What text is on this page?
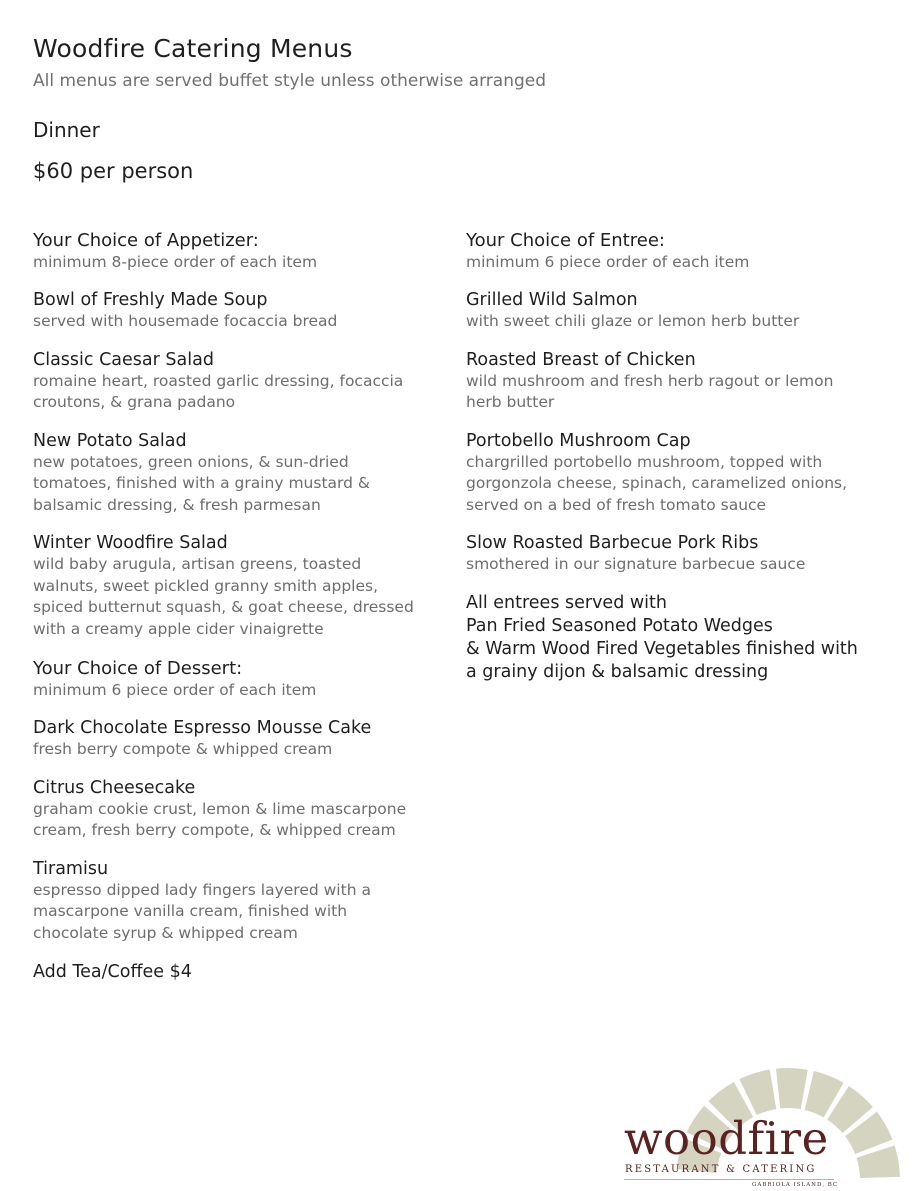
Woodfire Catering Menus
All menus are served buffet style unless otherwise arranged
Dinner
$60 per person
Your Choice of Appetizer:
minimum 8-piece order of each item
Bowl of Freshly Made Soup
served with housemade focaccia bread
Classic Caesar Salad
romaine heart, roasted garlic dressing, focaccia
croutons, & grana padano
New Potato Salad
new potatoes, green onions, & sun-dried
tomatoes, finished with a grainy mustard &
balsamic dressing, & fresh parmesan
Winter Woodfire Salad
wild baby arugula, artisan greens, toasted
walnuts, sweet pickled granny smith apples,
spiced butternut squash, & goat cheese, dressed
with a creamy apple cider vinaigrette
Your Choice of Dessert:
minimum 6 piece order of each item
Dark Chocolate Espresso Mousse Cake
fresh berry compote & whipped cream
Citrus Cheesecake
graham cookie crust, lemon & lime mascarpone
cream, fresh berry compote, & whipped cream
Tiramisu
espresso dipped lady fingers layered with a
mascarpone vanilla cream, finished with
chocolate syrup & whipped cream
Add Tea/Coffee $4
Your Choice of Entree:
minimum 6 piece order of each item
Grilled Wild Salmon
with sweet chili glaze or lemon herb butter
Roasted Breast of Chicken
wild mushroom and fresh herb ragout or lemon
herb butter
Portobello Mushroom Cap
chargrilled portobello mushroom, topped with
gorgonzola cheese, spinach, caramelized onions,
served on a bed of fresh tomato sauce
Slow Roasted Barbecue Pork Ribs
smothered in our signature barbecue sauce
All entrees served with
Pan Fried Seasoned Potato Wedges
& Warm Wood Fired Vegetables finished with
a grainy dijon & balsamic dressing
woodfire
RESTAURANT & CATERING
GABRIOLA ISLAND, BC
